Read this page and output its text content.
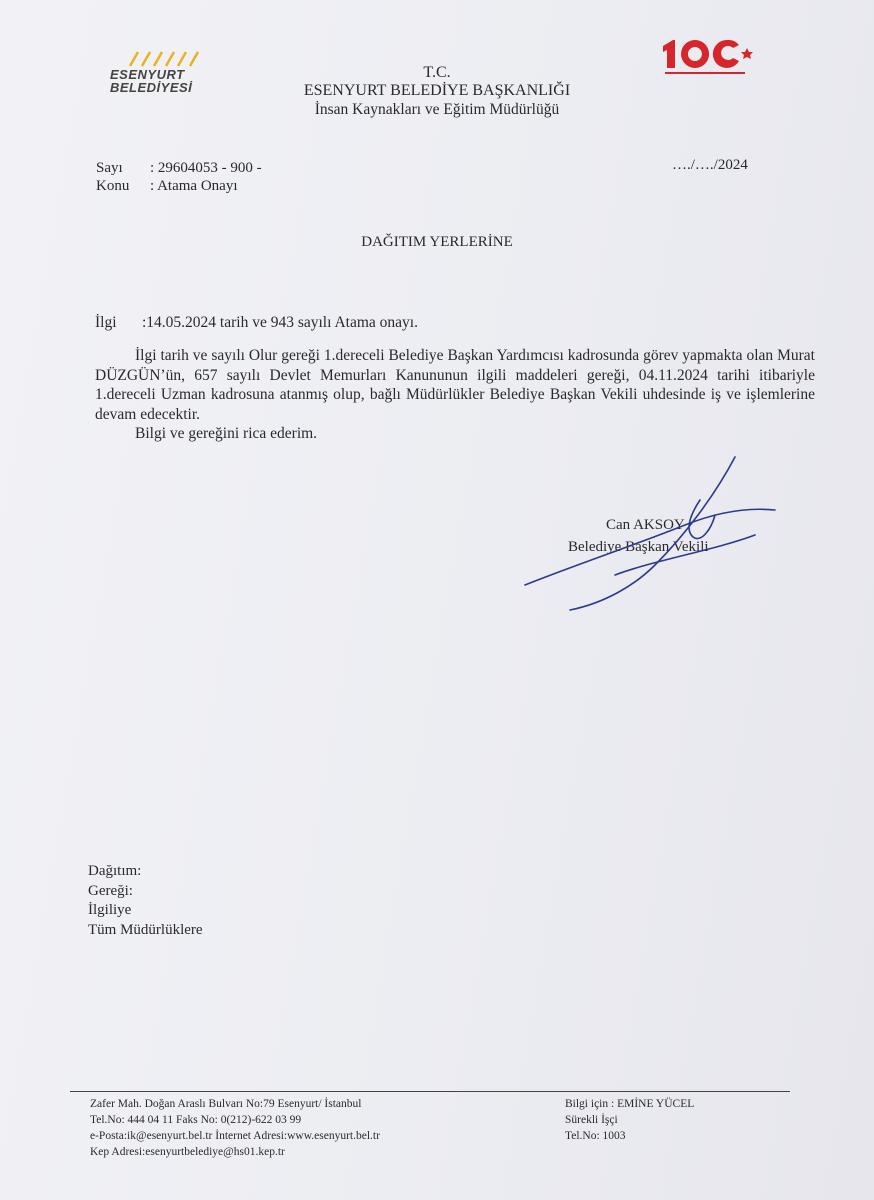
ESENYURT
BELEDİYESİ
T.C.
ESENYURT BELEDİYE BAŞKANLIĞI
İnsan Kaynakları ve Eğitim Müdürlüğü
Sayı : 29604053 - 900 -
Konu : Atama Onayı
…./…./2024
DAĞITIM YERLERİNE
İlgi :14.05.2024 tarih ve 943 sayılı Atama onayı.

İlgi tarih ve sayılı Olur gereği 1.dereceli Belediye Başkan Yardımcısı kadrosunda görev yapmakta olan Murat DÜZGÜN’ün, 657 sayılı Devlet Memurları Kanununun ilgili maddeleri gereği, 04.11.2024 tarihi itibariyle 1.dereceli Uzman kadrosuna atanmış olup, bağlı Müdürlükler Belediye Başkan Vekili uhdesinde iş ve işlemlerine devam edecektir.

Bilgi ve gereğini rica ederim.

Can AKSOY
Belediye Başkan Vekili
Dağıtım:
Gereği:
İlgiliye
Tüm Müdürlüklere
Zafer Mah. Doğan Araslı Bulvarı No:79 Esenyurt/ İstanbul
Tel.No: 444 04 11 Faks No: 0(212)-622 03 99
e-Posta:ik@esenyurt.bel.tr İnternet Adresi:www.esenyurt.bel.tr
Kep Adresi:esenyurtbelediye@hs01.kep.tr
Bilgi için : EMİNE YÜCEL
Sürekli İşçi
Tel.No: 1003
